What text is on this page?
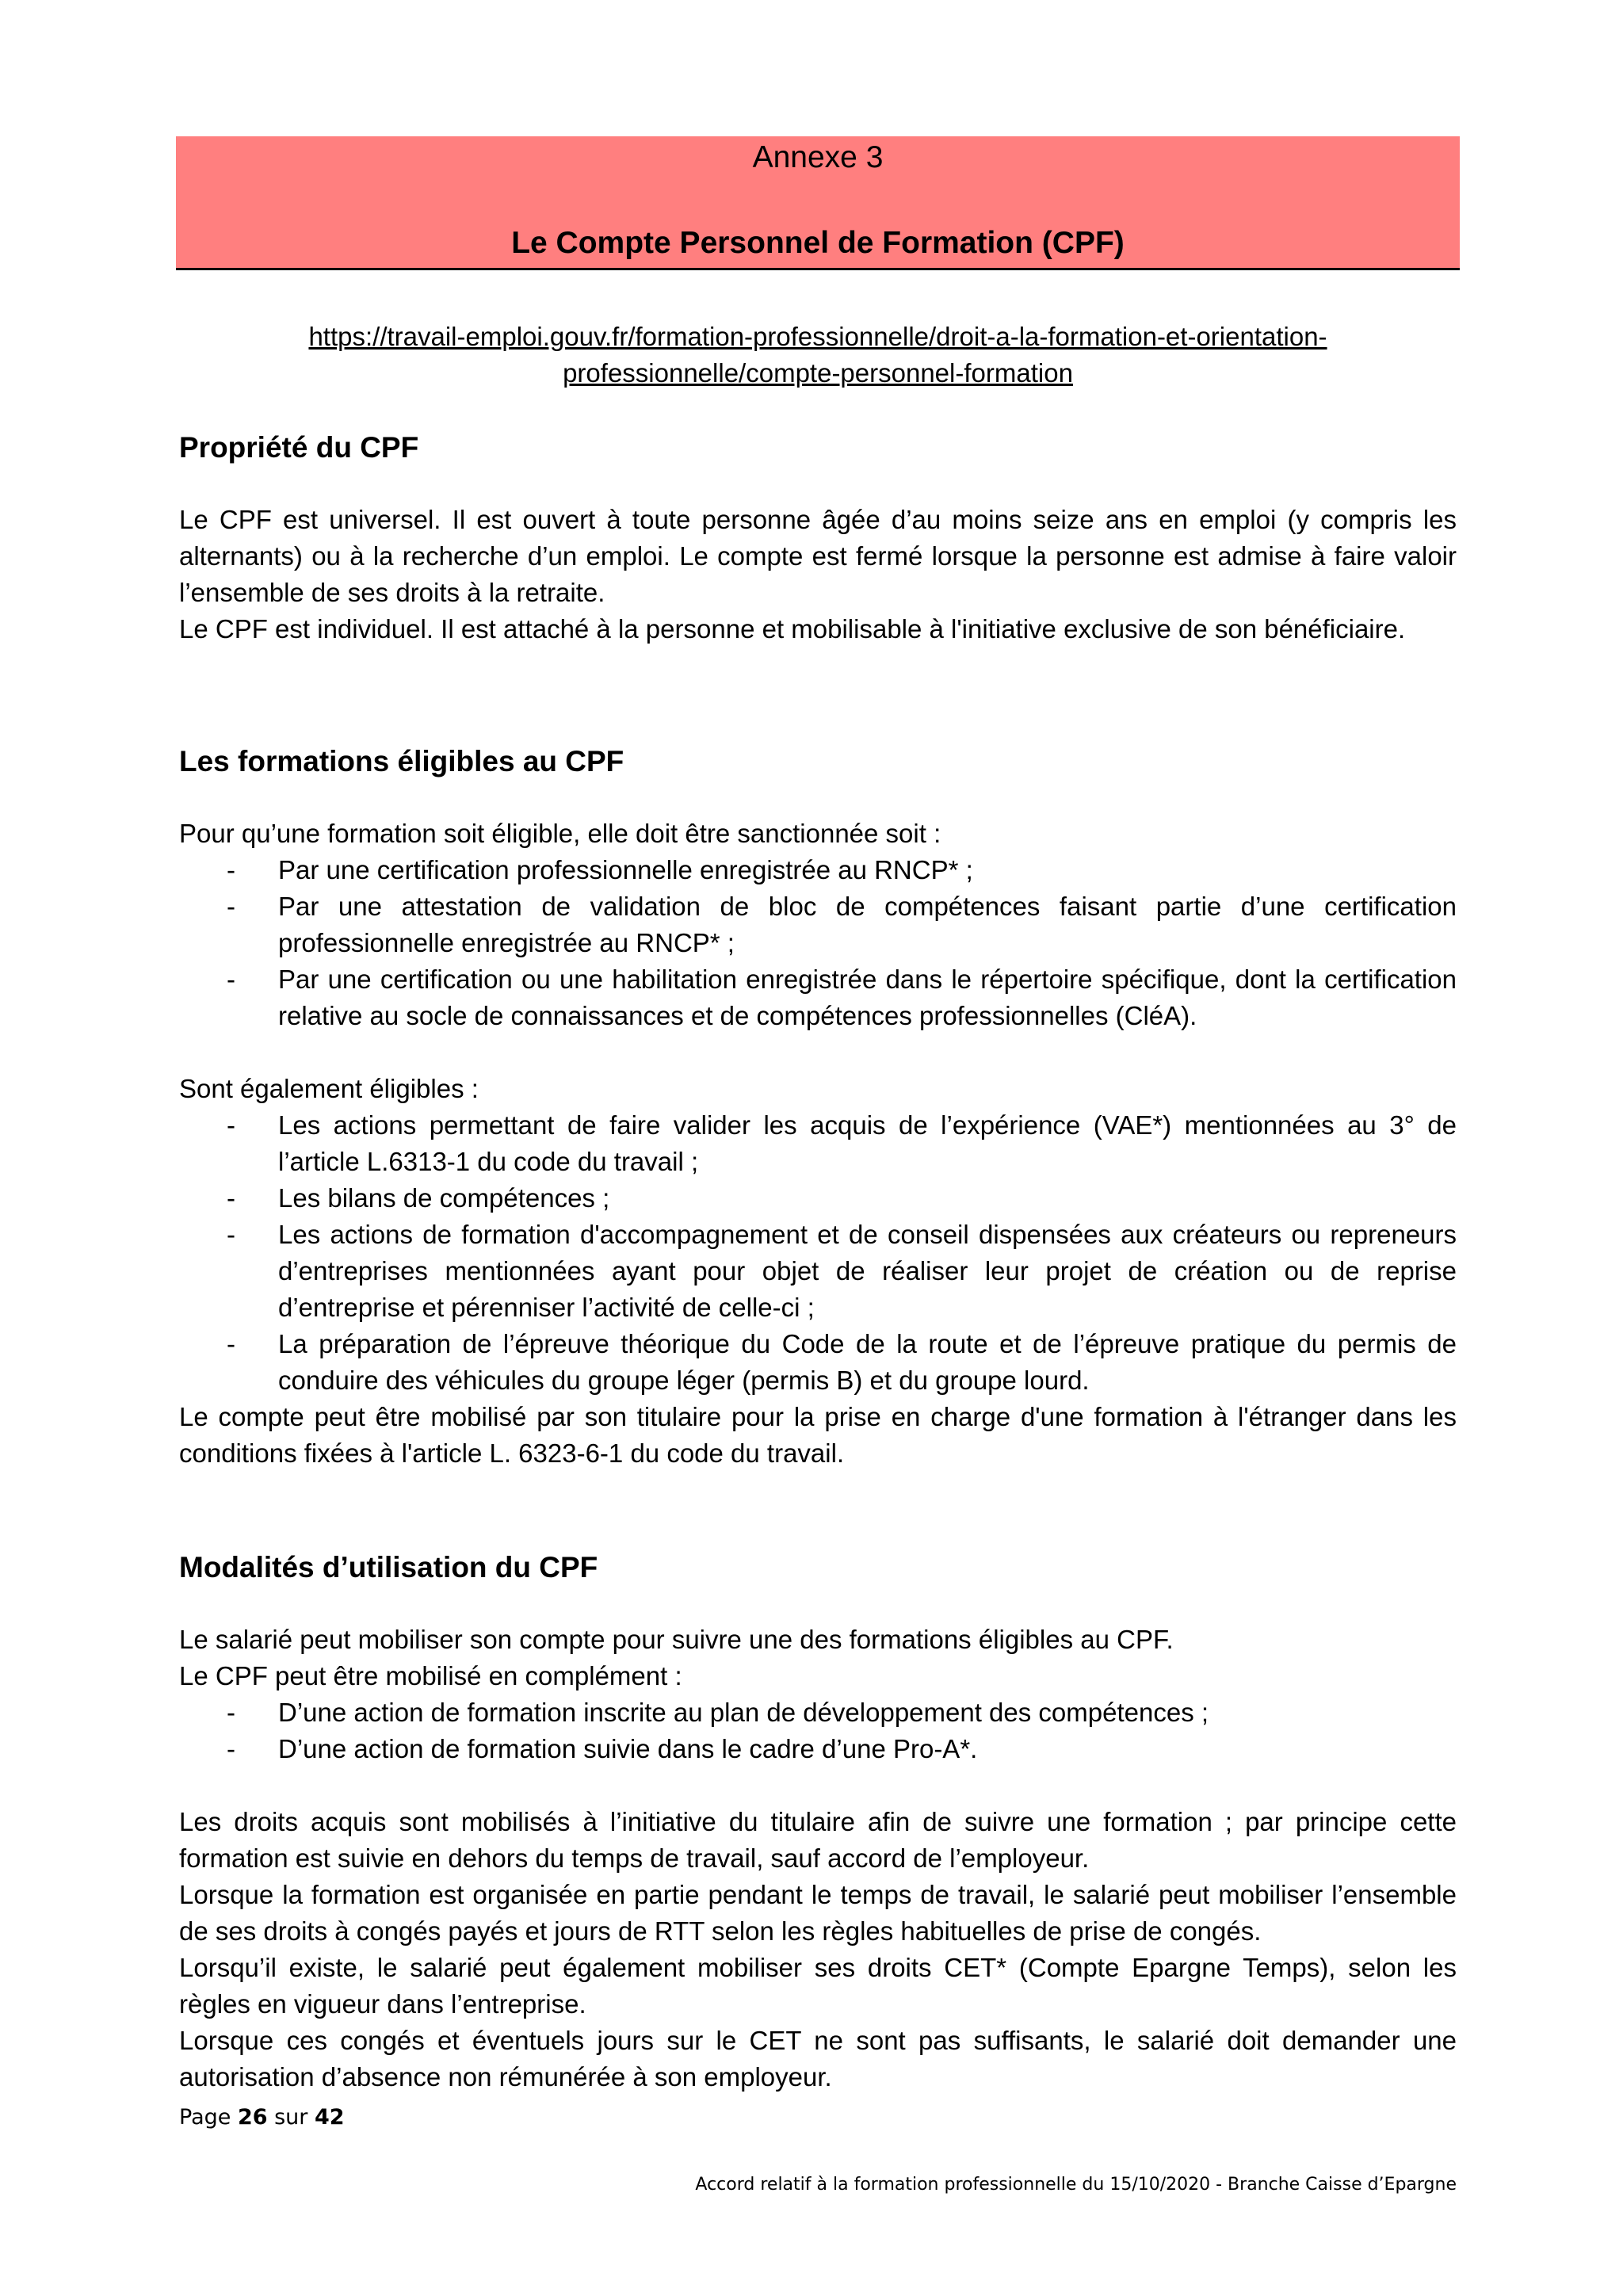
Annexe 3
Le Compte Personnel de Formation (CPF)
https://travail-emploi.gouv.fr/formation-professionnelle/droit-a-la-formation-et-orientation-
professionnelle/compte-personnel-formation
Propriété du CPF

Le CPF est universel. Il est ouvert à toute personne âgée d’au moins seize ans en emploi (y compris les alternants) ou à la recherche d’un emploi. Le compte est fermé lorsque la personne est admise à faire valoir l’ensemble de ses droits à la retraite.

Le CPF est individuel. Il est attaché à la personne et mobilisable à l'initiative exclusive de son bénéficiaire.

Les formations éligibles au CPF

Pour qu’une formation soit éligible, elle doit être sanctionnée soit :

- Par une certification professionnelle enregistrée au RNCP* ;
- Par une attestation de validation de bloc de compétences faisant partie d’une certification professionnelle enregistrée au RNCP* ;
- Par une certification ou une habilitation enregistrée dans le répertoire spécifique, dont la certification relative au socle de connaissances et de compétences professionnelles (CléA).

Sont également éligibles :

- Les actions permettant de faire valider les acquis de l’expérience (VAE*) mentionnées au 3° de l’article L.6313-1 du code du travail ;
- Les bilans de compétences ;
- Les actions de formation d'accompagnement et de conseil dispensées aux créateurs ou repreneurs d’entreprises mentionnées ayant pour objet de réaliser leur projet de création ou de reprise d’entreprise et pérenniser l’activité de celle-ci ;
- La préparation de l’épreuve théorique du Code de la route et de l’épreuve pratique du permis de conduire des véhicules du groupe léger (permis B) et du groupe lourd.

Le compte peut être mobilisé par son titulaire pour la prise en charge d'une formation à l'étranger dans les conditions fixées à l'article L. 6323-6-1 du code du travail.

Modalités d’utilisation du CPF

Le salarié peut mobiliser son compte pour suivre une des formations éligibles au CPF.

Le CPF peut être mobilisé en complément :

- D’une action de formation inscrite au plan de développement des compétences ;
- D’une action de formation suivie dans le cadre d’une Pro-A*.

Les droits acquis sont mobilisés à l’initiative du titulaire afin de suivre une formation ; par principe cette formation est suivie en dehors du temps de travail, sauf accord de l’employeur.

Lorsque la formation est organisée en partie pendant le temps de travail, le salarié peut mobiliser l’ensemble de ses droits à congés payés et jours de RTT selon les règles habituelles de prise de congés.

Lorsqu’il existe, le salarié peut également mobiliser ses droits CET* (Compte Epargne Temps), selon les règles en vigueur dans l’entreprise.

Lorsque ces congés et éventuels jours sur le CET ne sont pas suffisants, le salarié doit demander une autorisation d’absence non rémunérée à son employeur.

Page 26 sur 42
Accord relatif à la formation professionnelle du 15/10/2020 - Branche Caisse d’Epargne
